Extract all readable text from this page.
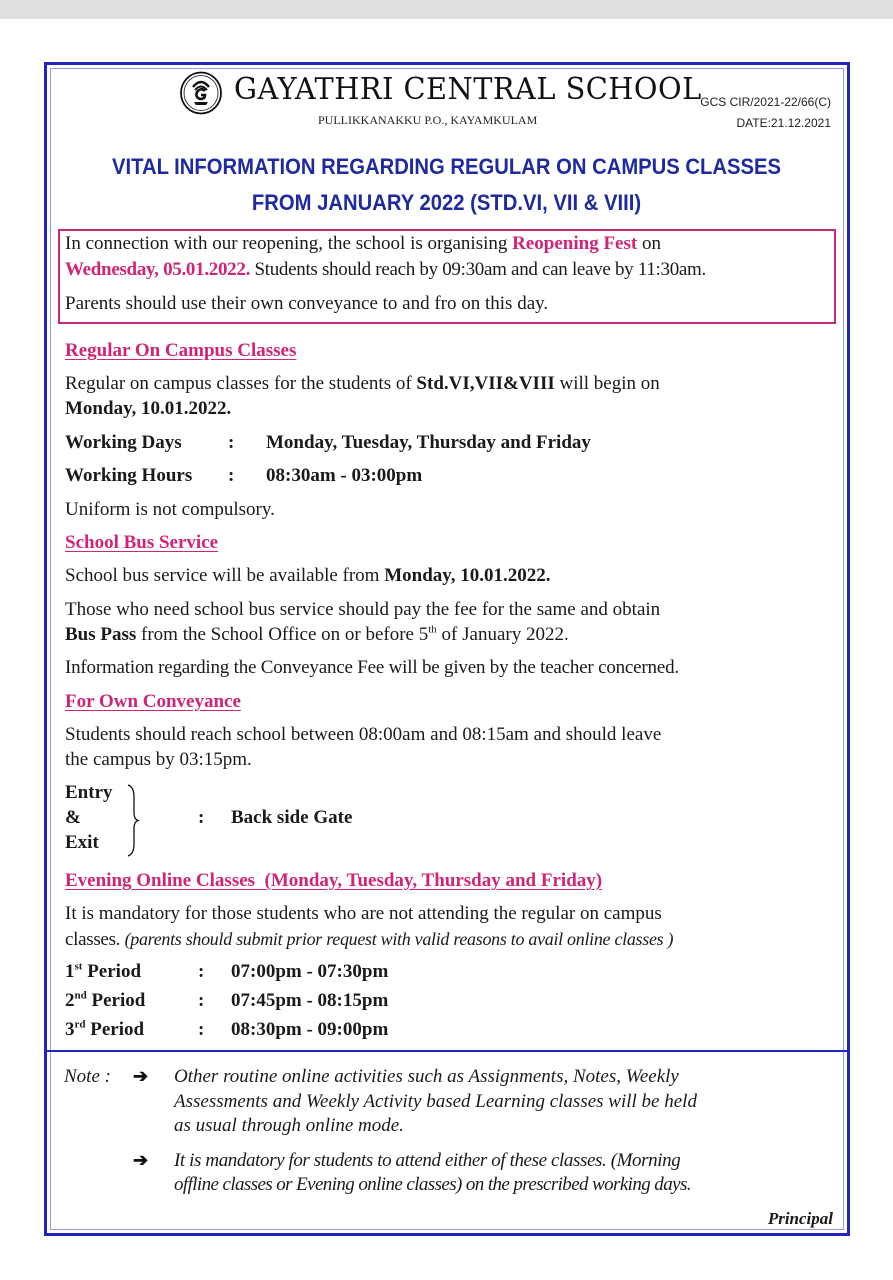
GAYATHRI CENTRAL SCHOOL
PULLIKKANAKKU P.O., KAYAMKULAM
GCS CIR/2021-22/66(C)
DATE:21.12.2021
VITAL INFORMATION REGARDING REGULAR ON CAMPUS CLASSES
FROM JANUARY 2022 (STD.VI, VII & VIII)
In connection with our reopening, the school is organising Reopening Fest on
Wednesday, 05.01.2022. Students should reach by 09:30am and can leave by 11:30am.
Parents should use their own conveyance to and fro on this day.
Regular On Campus Classes
Regular on campus classes for the students of Std.VI,VII&VIII will begin on
Monday, 10.01.2022.
Working Days : Monday, Tuesday, Thursday and Friday
Working Hours : 08:30am - 03:00pm
Uniform is not compulsory.
School Bus Service
School bus service will be available from Monday, 10.01.2022.
Those who need school bus service should pay the fee for the same and obtain
Bus Pass from the School Office on or before 5th of January 2022.
Information regarding the Conveyance Fee will be given by the teacher concerned.
For Own Conveyance
Students should reach school between 08:00am and 08:15am and should leave
the campus by 03:15pm.
Entry
&
Exit
: Back side Gate
Evening Online Classes  (Monday, Tuesday, Thursday and Friday)
It is mandatory for those students who are not attending the regular on campus
classes. (parents should submit prior request with valid reasons to avail online classes )
1st Period	: 07:00pm - 07:30pm
2nd Period	: 07:45pm - 08:15pm
3rd Period	: 08:30pm - 09:00pm
Note : ➔ Other routine online activities such as Assignments, Notes, Weekly
Assessments and Weekly Activity based Learning classes will be held
as usual through online mode.
➔ It is mandatory for students to attend either of these classes. (Morning
offline classes or Evening online classes) on the prescribed working days.
Principal
